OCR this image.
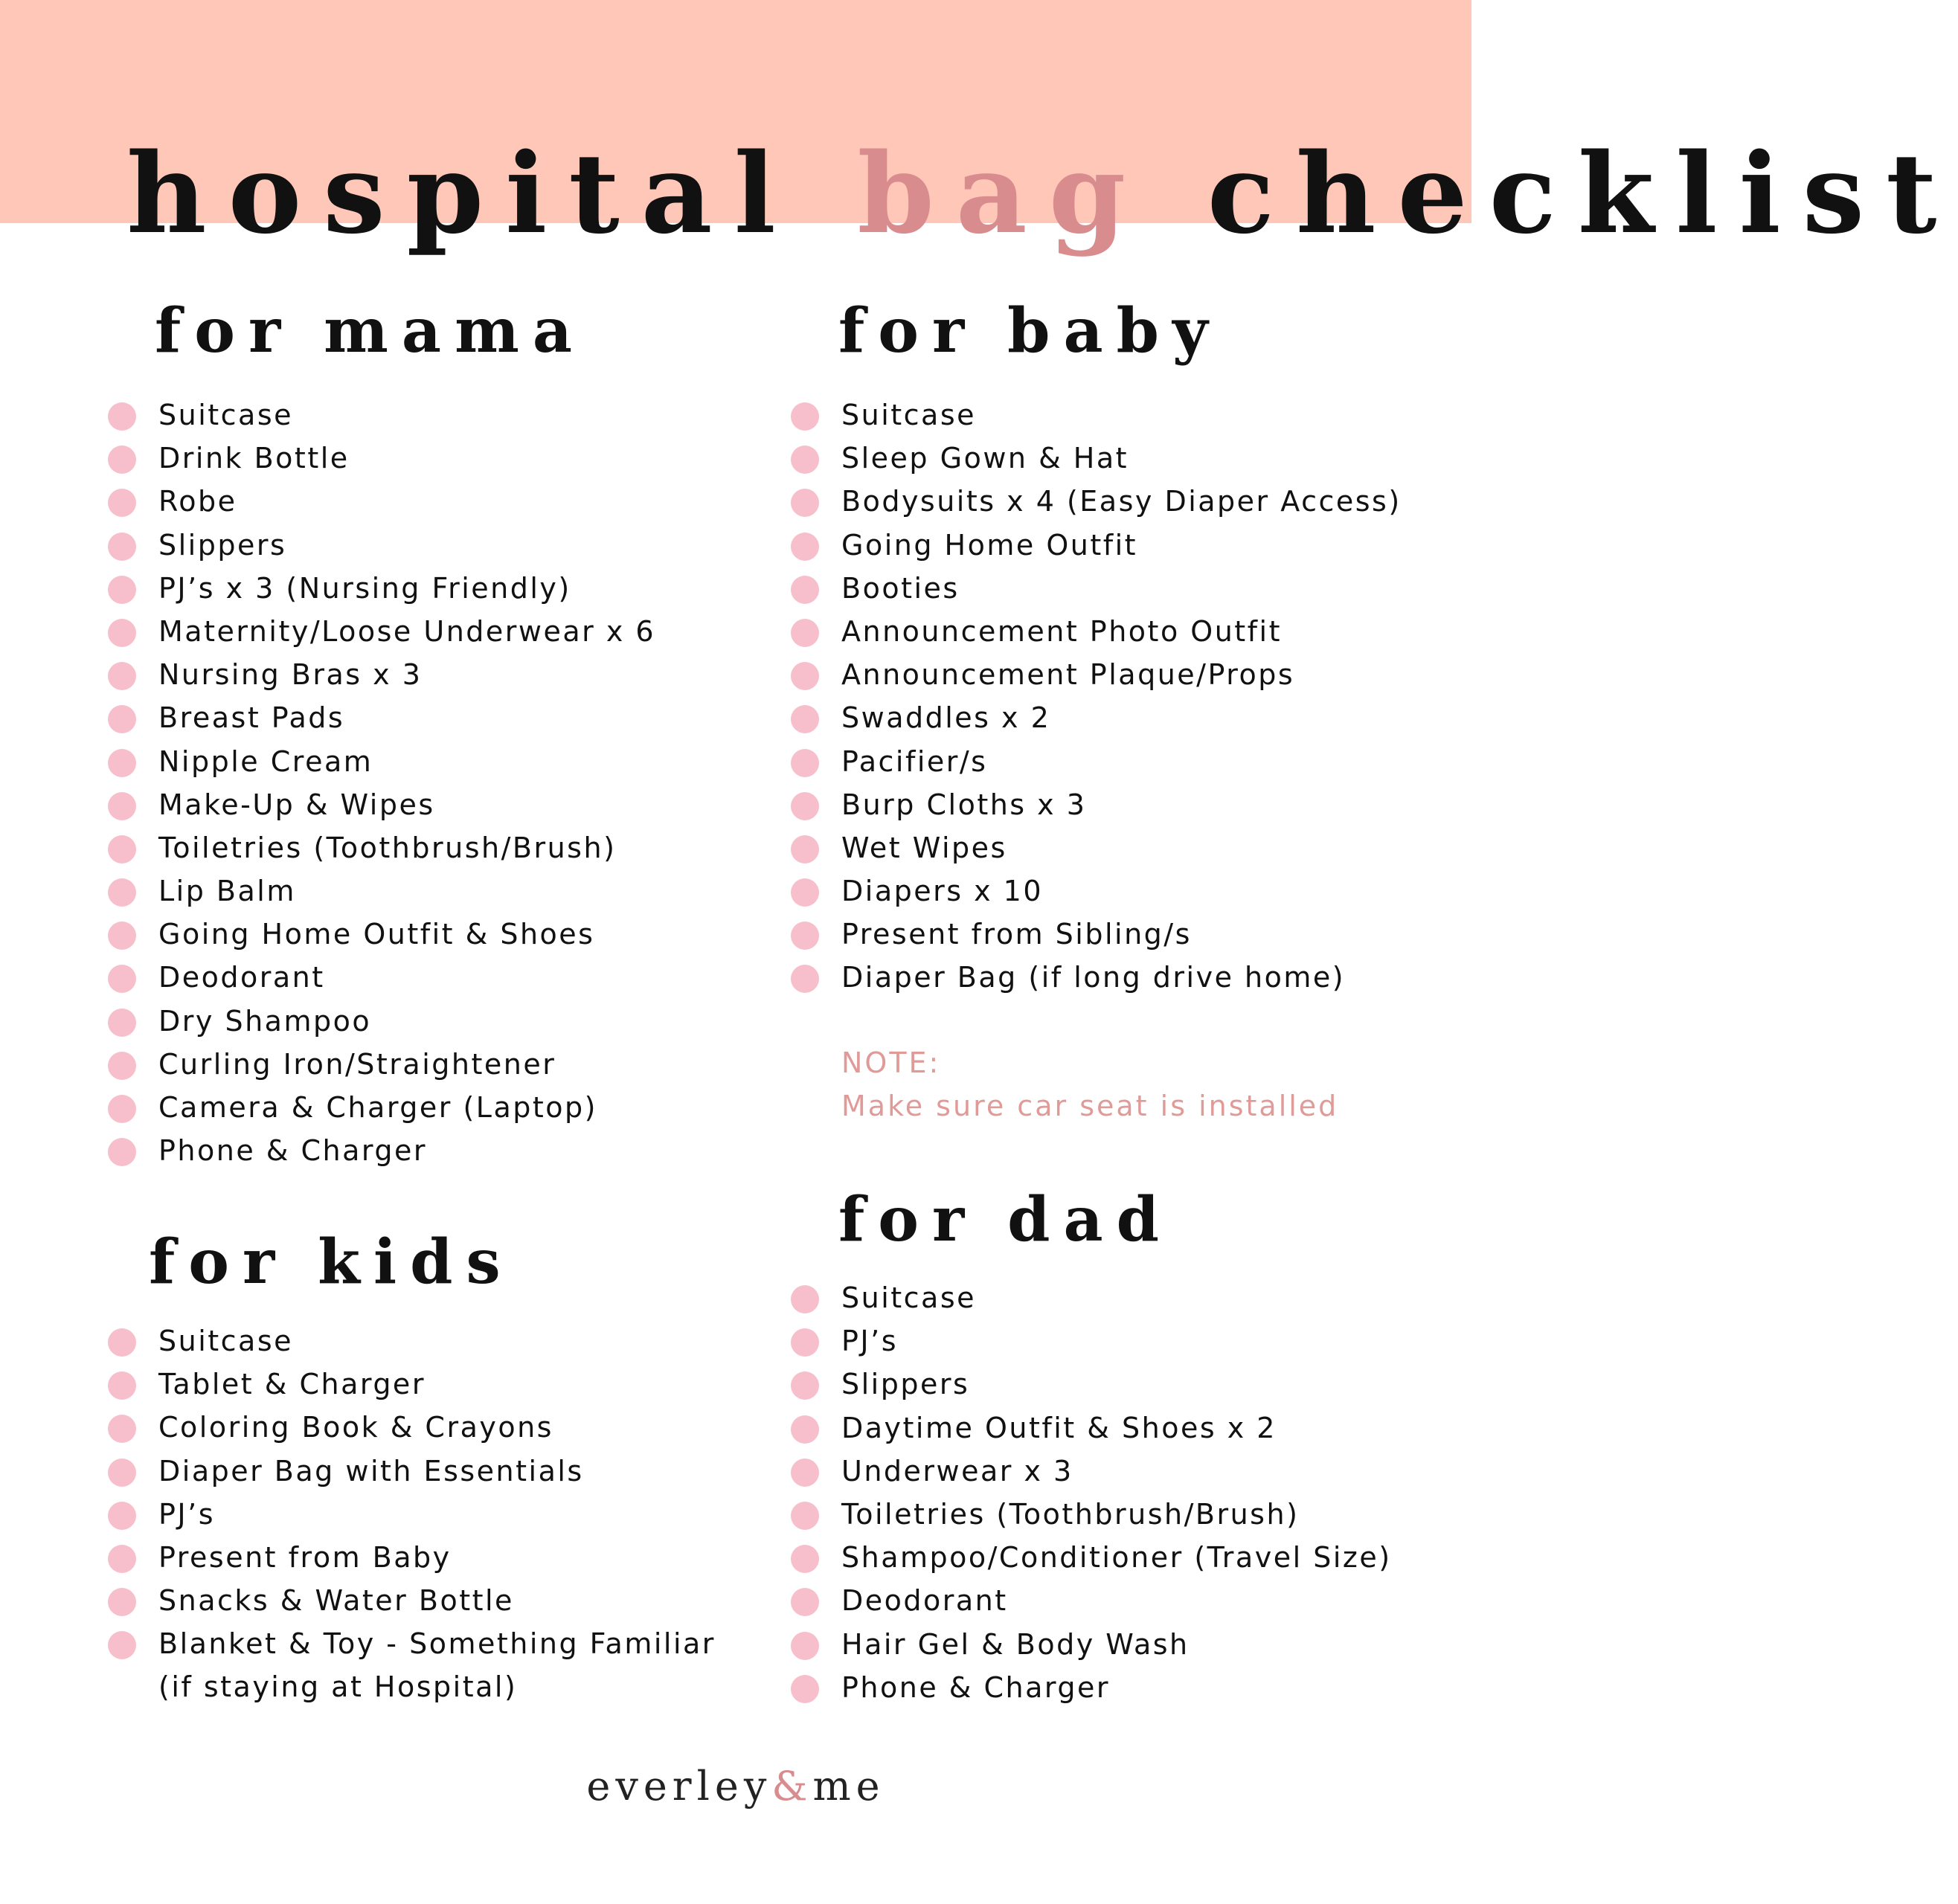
hospital bag checklist
for mama
Suitcase
Drink Bottle
Robe
Slippers
PJ’s x 3 (Nursing Friendly)
Maternity/Loose Underwear x 6
Nursing Bras x 3
Breast Pads
Nipple Cream
Make-Up & Wipes
Toiletries (Toothbrush/Brush)
Lip Balm
Going Home Outfit & Shoes
Deodorant
Dry Shampoo
Curling Iron/Straightener
Camera & Charger (Laptop)
Phone & Charger
for baby
Suitcase
Sleep Gown & Hat
Bodysuits x 4 (Easy Diaper Access)
Going Home Outfit
Booties
Announcement Photo Outfit
Announcement Plaque/Props
Swaddles x 2
Pacifier/s
Burp Cloths x 3
Wet Wipes
Diapers x 10
Present from Sibling/s
Diaper Bag (if long drive home)
NOTE:
Make sure car seat is installed
for kids
Suitcase
Tablet & Charger
Coloring Book & Crayons
Diaper Bag with Essentials
PJ’s
Present from Baby
Snacks & Water Bottle
Blanket & Toy - Something Familiar
(if staying at Hospital)
for dad
Suitcase
PJ’s
Slippers
Daytime Outfit & Shoes x 2
Underwear x 3
Toiletries (Toothbrush/Brush)
Shampoo/Conditioner (Travel Size)
Deodorant
Hair Gel & Body Wash
Phone & Charger
everley&me
